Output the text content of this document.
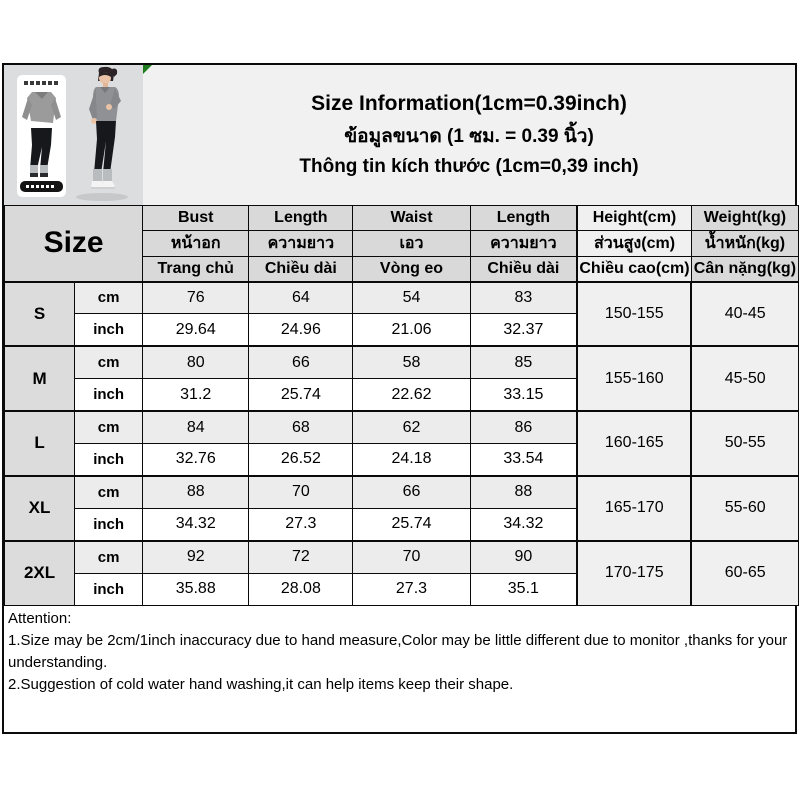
Size Information(1cm=0.39inch)
ข้อมูลขนาด (1 ซม. = 0.39 นิ้ว)
Thông tin kích thước (1cm=0,39 inch)
Size		Bust	Length	Waist	Length	Height(cm)	Weight(kg)
		หน้าอก	ความยาว	เอว	ความยาว	ส่วนสูง(cm)	น้ำหนัก(kg)
		Trang chủ	Chiều dài	Vòng eo	Chiều dài	Chiều cao(cm)	Cân nặng(kg)
S	cm	76	64	54	83	150-155	40-45
	inch	29.64	24.96	21.06	32.37		
M	cm	80	66	58	85	155-160	45-50
	inch	31.2	25.74	22.62	33.15		
L	cm	84	68	62	86	160-165	50-55
	inch	32.76	26.52	24.18	33.54		
XL	cm	88	70	66	88	165-170	55-60
	inch	34.32	27.3	25.74	34.32		
2XL	cm	92	72	70	90	170-175	60-65
	inch	35.88	28.08	27.3	35.1		
Attention:
1.Size may be 2cm/1inch inaccuracy due to hand measure,Color may be little different due to monitor ,thanks for your understanding.
2.Suggestion of cold water hand washing,it can help items keep their shape.
